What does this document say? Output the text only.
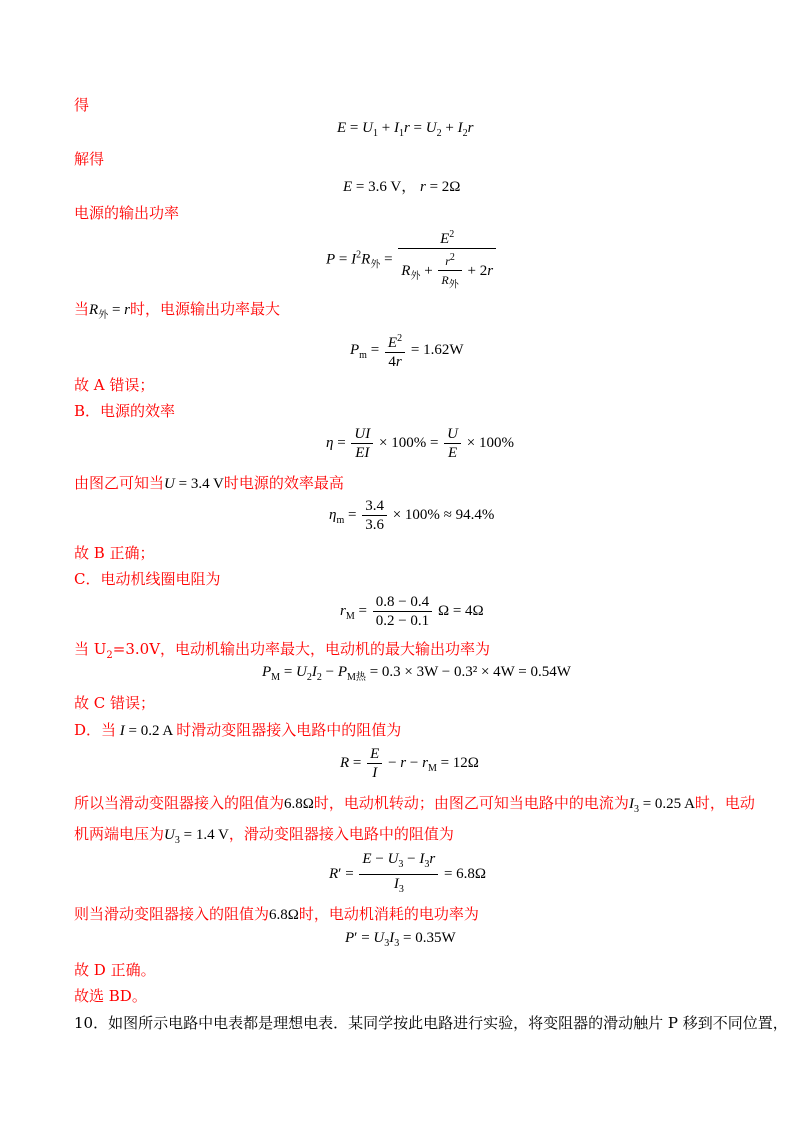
得
$E = U_1 + I_1r = U_2 + I_2r$
解得
E = 3.6 V， r = 2Ω
电源的输出功率
$P = I^2R_外$ =
$E^2$
$R_外$ +
$r^2$
$R_外$
+ 2r
当$R_外 = r$时，电源输出功率最大
$P_m = \frac{E^2}{4r} = 1.62W$
故 A 错误；
B．电源的效率
$\eta = \frac{UI}{EI} \times 100\% = \frac{U}{E} \times 100\%$
由图乙可知当U = 3.4 V时电源的效率最高
$\eta_m = \frac{3.4}{3.6} \times 100\% \approx 94.4\%$
故 B 正确；
C．电动机线圈电阻为
$r_M = \frac{0.8 - 0.4}{0.2 - 0.1}$ Ω = 4Ω
当 $U_2=3.0V$，电动机输出功率最大，电动机的最大输出功率为
$P_M = U_2I_2 - P_{M热} = 0.3 \times 3W - 0.3^2 \times 4W = 0.54W$
故 C 错误；
D．当 I = 0.2 A 时滑动变阻器接入电路中的阻值为
$R = \frac{E}{I} - r - r_M = 12\Omega$
所以当滑动变阻器接入的阻值为6.8Ω时，电动机转动；由图乙可知当电路中的电流为$I_3 = 0.25$ A时，电动
机两端电压为$U_3 = 1.4$ V，滑动变阻器接入电路中的阻值为
$R' = \frac{E - U_3 - I_3r}{I_3} = 6.8\Omega$
则当滑动变阻器接入的阻值为6.8Ω时，电动机消耗的电功率为
$P' = U_3I_3 = 0.35W$
故 D 正确。
故选 BD。
10．如图所示电路中电表都是理想电表．某同学按此电路进行实验，将变阻器的滑动触片 P 移到不同位置，
